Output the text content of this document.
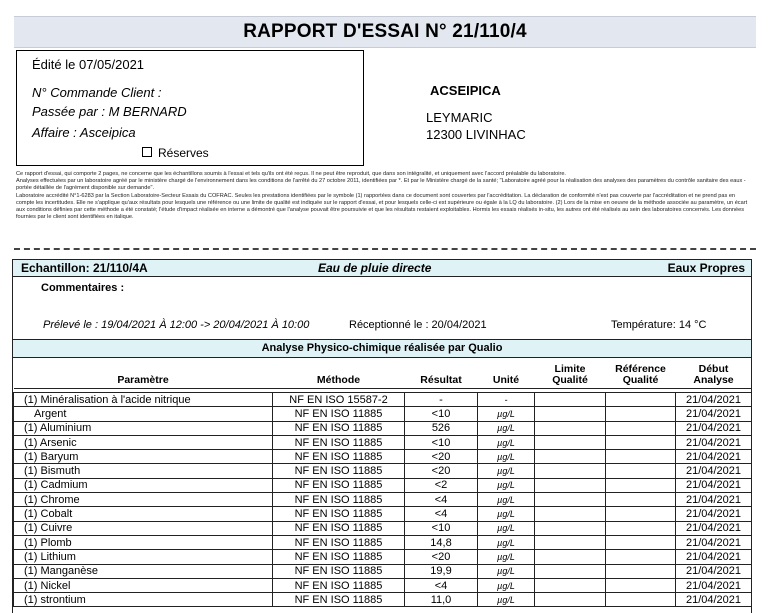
RAPPORT D'ESSAI N° 21/110/4
Édité le 07/05/2021
N° Commande Client :
Passée par : M BERNARD
Affaire : Asceipica
Réserves
ACSEIPICA
LEYMARIC
12300 LIVINHAC

Ce rapport d'essai, qui comporte 2 pages, ne concerne que les échantillons soumis à l'essai et tels qu'ils ont été reçus. Il ne peut être reproduit, que dans son intégralité, et uniquement avec l'accord préalable du laboratoire.

Analyses effectuées par un laboratoire agréé par le ministère chargé de l'environnement dans les conditions de l'arrêté du 27 octobre 2011, identifiées par *. Et par le Ministère chargé de la santé; "Laboratoire agréé pour la réalisation des analyses des paramètres du contrôle sanitaire des eaux - portée détaillée de l'agrément disponible sur demande".

Laboratoire accrédité N°1-6283 par la Section Laboratoire-Secteur Essais du COFRAC. Seules les prestations identifiées par le symbole (1) rapportées dans ce document sont couvertes par l'accréditation. La déclaration de conformité n'est pas couverte par l'accréditation et ne prend pas en compte les incertitudes. Elle ne s'applique qu'aux résultats pour lesquels une référence ou une limite de qualité est indiquée sur le rapport d'essai, et pour lesquels celle-ci est supérieure ou égale à la LQ du laboratoire. (2) Lors de la mise en oeuvre de la méthode associée au paramètre, un écart aux conditions définies par cette méthode a été constaté; l'étude d'impact réalisée en interne a démontré que l'analyse pouvait être poursuivie et que les résultats restaient exploitables. Hormis les essais réalisés in-situ, les autres ont été réalisés au sein des laboratoires concernés. Les données fournies par le client sont identifiées en italique.

Echantillon: 21/110/4A	Eau de pluie directe	Eaux Propres
Commentaires :
Prélevé le : 19/04/2021 À 12:00 -> 20/04/2021 À 10:00	Réceptionné le : 20/04/2021	Température: 14 °C
Analyse Physico-chimique réalisée par Qualio
Paramètre	Méthode	Résultat	Unité	Limite Qualité	Référence Qualité	Début Analyse

(1) Minéralisation à l'acide nitrique	NF EN ISO 15587-2	-	-			21/04/2021
Argent	NF EN ISO 11885	<10	µg/L			21/04/2021
(1) Aluminium	NF EN ISO 11885	526	µg/L			21/04/2021
(1) Arsenic	NF EN ISO 11885	<10	µg/L			21/04/2021
(1) Baryum	NF EN ISO 11885	<20	µg/L			21/04/2021
(1) Bismuth	NF EN ISO 11885	<20	µg/L			21/04/2021
(1) Cadmium	NF EN ISO 11885	<2	µg/L			21/04/2021
(1) Chrome	NF EN ISO 11885	<4	µg/L			21/04/2021
(1) Cobalt	NF EN ISO 11885	<4	µg/L			21/04/2021
(1) Cuivre	NF EN ISO 11885	<10	µg/L			21/04/2021
(1) Plomb	NF EN ISO 11885	14,8	µg/L			21/04/2021
(1) Lithium	NF EN ISO 11885	<20	µg/L			21/04/2021
(1) Manganèse	NF EN ISO 11885	19,9	µg/L			21/04/2021
(1) Nickel	NF EN ISO 11885	<4	µg/L			21/04/2021
(1) strontium	NF EN ISO 11885	11,0	µg/L			21/04/2021
